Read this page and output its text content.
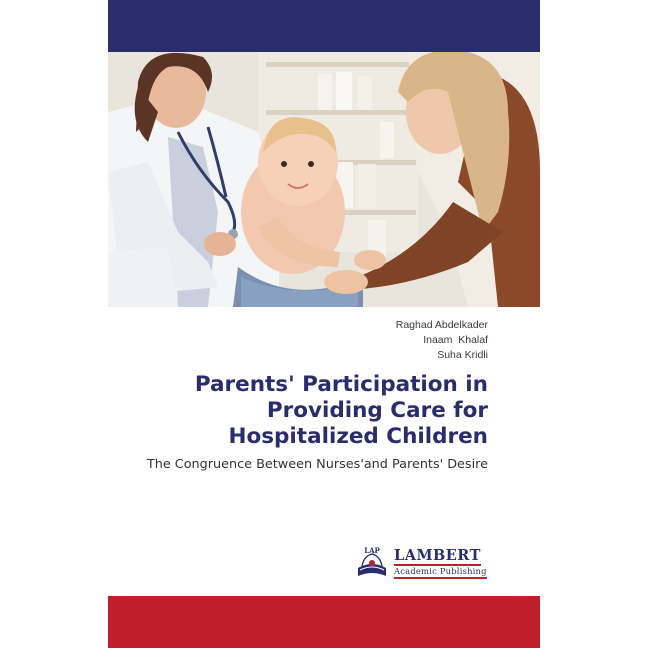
Raghad Abdelkader
Inaam  Khalaf
Suha Kridli
Parents' Participation in
Providing Care for
Hospitalized Children
The Congruence Between Nurses'and Parents' Desire
LAP LAMBERT
Academic Publishing
